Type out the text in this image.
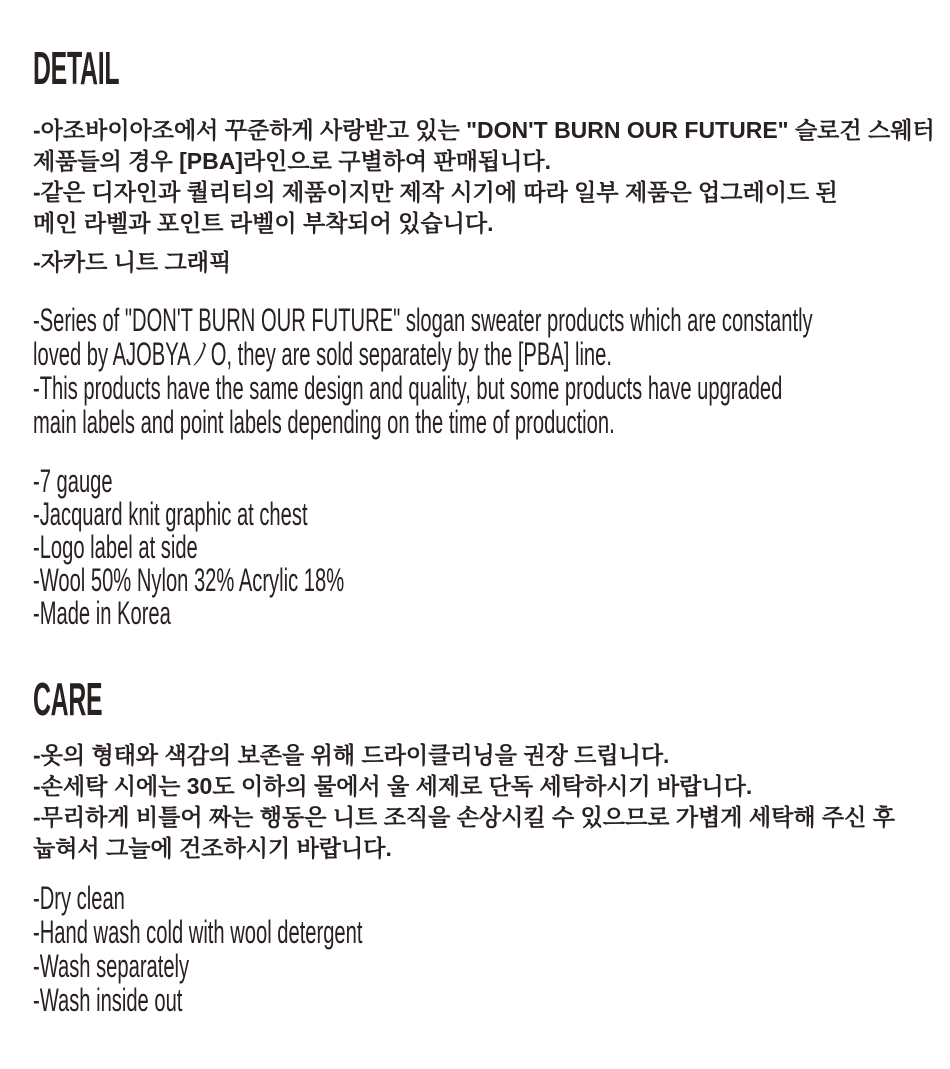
DETAIL
-아조바이아조에서 꾸준하게 사랑받고 있는 "DON'T BURN OUR FUTURE" 슬로건 스웨터
제품들의 경우 [PBA]라인으로 구별하여 판매됩니다.
-같은 디자인과 퀄리티의 제품이지만 제작 시기에 따라 일부 제품은 업그레이드 된
메인 라벨과 포인트 라벨이 부착되어 있습니다.
-자카드 니트 그래픽
-Series of "DON'T BURN OUR FUTURE" slogan sweater products which are constantly
loved by AJOBYAノO, they are sold separately by the [PBA] line.
-This products have the same design and quality, but some products have upgraded
main labels and point labels depending on the time of production.
-7 gauge
-Jacquard knit graphic at chest
-Logo label at side
-Wool 50% Nylon 32% Acrylic 18%
-Made in Korea
CARE
-옷의 형태와 색감의 보존을 위해 드라이클리닝을 권장 드립니다.
-손세탁 시에는 30도 이하의 물에서 울 세제로 단독 세탁하시기 바랍니다.
-무리하게 비틀어 짜는 행동은 니트 조직을 손상시킬 수 있으므로 가볍게 세탁해 주신 후
눕혀서 그늘에 건조하시기 바랍니다.
-Dry clean
-Hand wash cold with wool detergent
-Wash separately
-Wash inside out
